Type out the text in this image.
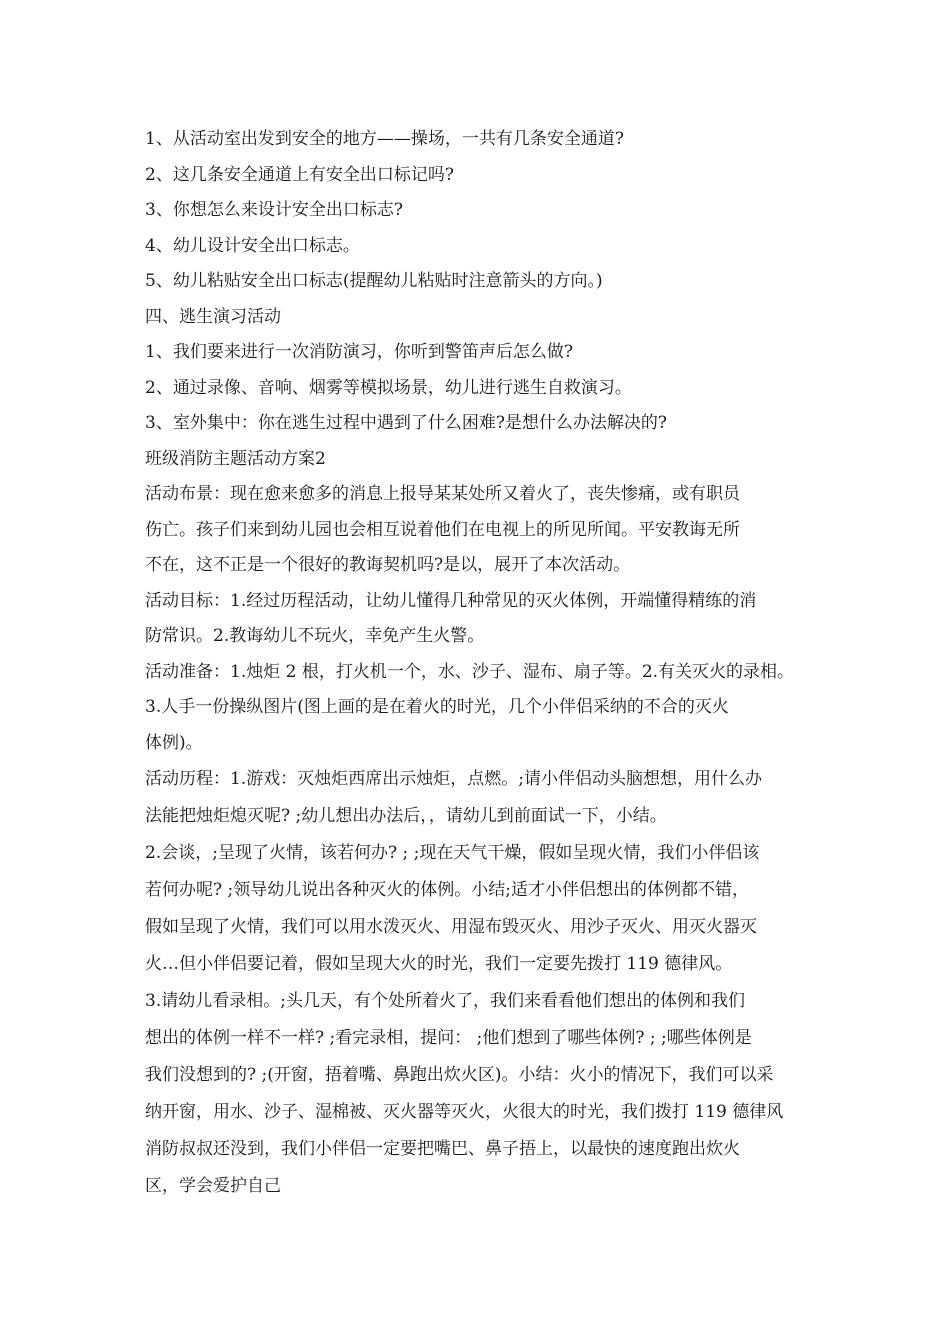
1、从活动室出发到安全的地方——操场，一共有几条安全通道?
2、这几条安全通道上有安全出口标记吗?
3、你想怎么来设计安全出口标志?
4、幼儿设计安全出口标志。
5、幼儿粘贴安全出口标志(提醒幼儿粘贴时注意箭头的方向。)
四、逃生演习活动
1、我们要来进行一次消防演习，你听到警笛声后怎么做?
2、通过录像、音响、烟雾等模拟场景，幼儿进行逃生自救演习。
3、室外集中：你在逃生过程中遇到了什么困难?是想什么办法解决的?
班级消防主题活动方案2
活动布景：现在愈来愈多的消息上报导某某处所又着火了，丧失惨痛，或有职员
伤亡。孩子们来到幼儿园也会相互说着他们在电视上的所见所闻。平安教诲无所
不在，这不正是一个很好的教诲契机吗?是以，展开了本次活动。
活动目标：1.经过历程活动，让幼儿懂得几种常见的灭火体例，开端懂得精练的消
防常识。2.教诲幼儿不玩火，幸免产生火警。
活动准备：1.烛炬 2 根，打火机一个，水、沙子、湿布、扇子等。2.有关灭火的录相。
3.人手一份操纵图片(图上画的是在着火的时光，几个小伴侣采纳的不合的灭火
体例)。
活动历程：1.游戏：灭烛炬西席出示烛炬，点燃。;请小伴侣动头脑想想，用什么办
法能把烛炬熄灭呢? ;幼儿想出办法后，，请幼儿到前面试一下，小结。
2.会谈，;呈现了火情，该若何办? ; ;现在天气干燥，假如呈现火情，我们小伴侣该
若何办呢? ;领导幼儿说出各种灭火的体例。小结;适才小伴侣想出的体例都不错，
假如呈现了火情，我们可以用水泼灭火、用湿布毁灭火、用沙子灭火、用灭火器灭
火…但小伴侣要记着，假如呈现大火的时光，我们一定要先拨打 119 德律风。
3.请幼儿看录相。;头几天，有个处所着火了，我们来看看他们想出的体例和我们
想出的体例一样不一样? ;看完录相，提问： ;他们想到了哪些体例? ; ;哪些体例是
我们没想到的? ;(开窗，捂着嘴、鼻跑出炊火区)。小结：火小的情况下，我们可以采
纳开窗，用水、沙子、湿棉被、灭火器等灭火，火很大的时光，我们拨打 119 德律风
消防叔叔还没到，我们小伴侣一定要把嘴巴、鼻子捂上，以最快的速度跑出炊火
区，学会爱护自己
